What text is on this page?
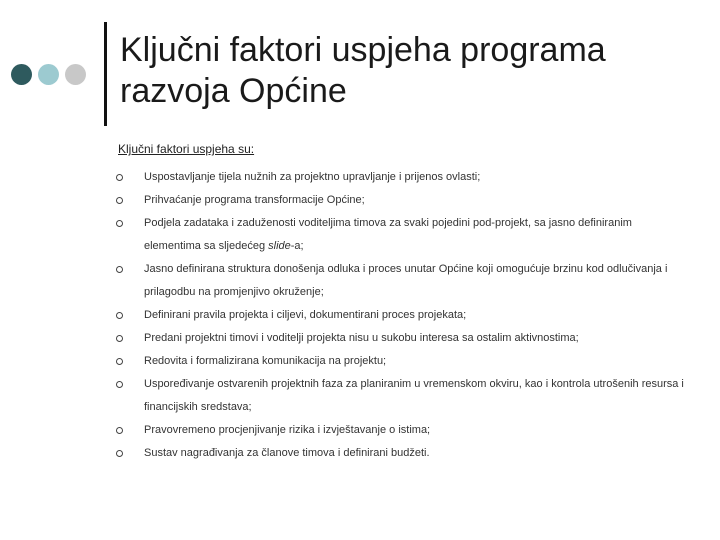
Ključni faktori uspjeha programa razvoja Općine

Ključni faktori uspjeha su:

Uspostavljanje tijela nužnih za projektno upravljanje i prijenos ovlasti;
Prihvaćanje programa transformacije Općine;
Podjela zadataka i zaduženosti voditeljima timova za svaki pojedini pod-projekt, sa jasno definiranim elementima sa sljedećeg slide-a;
Jasno definirana struktura donošenja odluka i proces unutar Općine koji omogućuje brzinu kod odlučivanja i prilagodbu na promjenjivo okruženje;
Definirani pravila projekta i ciljevi, dokumentirani proces projekata;
Predani projektni timovi i voditelji projekta nisu u sukobu interesa sa ostalim aktivnostima;
Redovita i formalizirana komunikacija na projektu;
Uspoređivanje ostvarenih projektnih faza za planiranim u vremenskom okviru, kao i kontrola utrošenih resursa i financijskih sredstava;
Pravovremeno procjenjivanje rizika i izvještavanje o istima;
Sustav nagrađivanja za članove timova i definirani budžeti.
